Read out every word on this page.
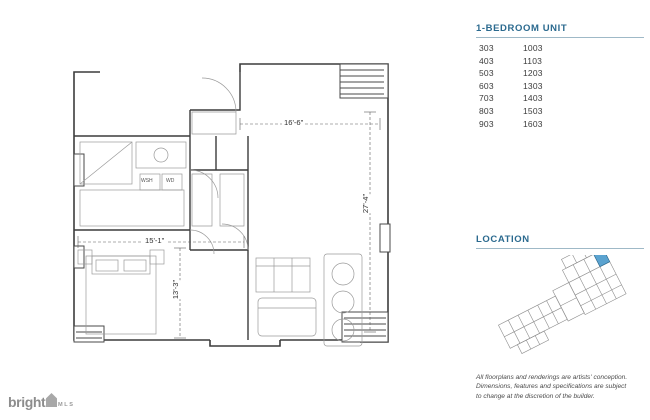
16'-6"
27'-4"
15'-1"
13'-3"
WSH	WD
1-BEDROOM UNIT
303	1003
403	1103
503	1203
603	1303
703	1403
803	1503
903	1603
LOCATION
All floorplans and renderings are artists' conception.
Dimensions, features and specifications are subject
to change at the discretion of the builder.
bright MLS
